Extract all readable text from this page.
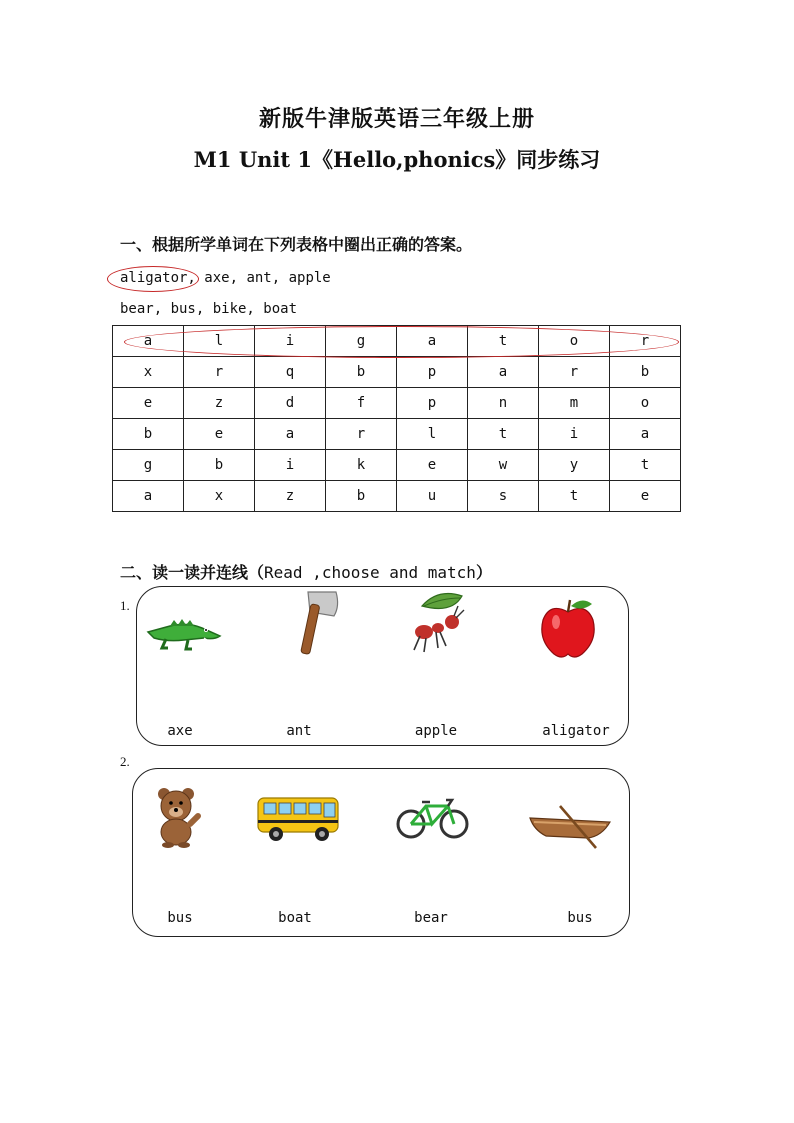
新版牛津版英语三年级上册
M1 Unit 1《Hello,phonics》同步练习
一、根据所学单词在下列表格中圈出正确的答案。
aligator, axe, ant, apple
bear, bus, bike, boat
a	l	i	g	a	t	o	r
x	r	q	b	p	a	r	b
e	z	d	f	p	n	m	o
b	e	a	r	l	t	i	a
g	b	i	k	e	w	y	t
a	x	z	b	u	s	t	e
二、读一读并连线（Read ,choose and match）
1.
axe	ant	apple	aligator
2.
bus	boat	bear	bus
